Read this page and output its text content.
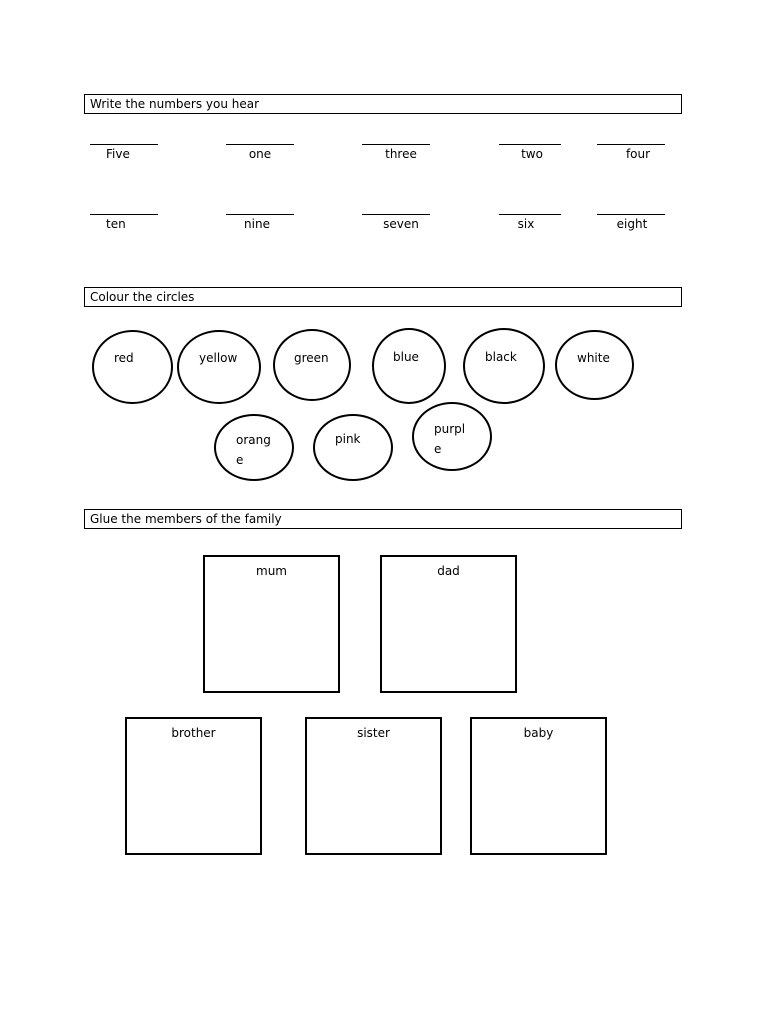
Write the numbers you hear
Five	one	three	two	four
ten	nine	seven	six	eight
Colour the circles
red	yellow	green	blue	black	white
orang
e
pink
purpl
e
Glue the members of the family
mum	dad
brother	sister	baby
